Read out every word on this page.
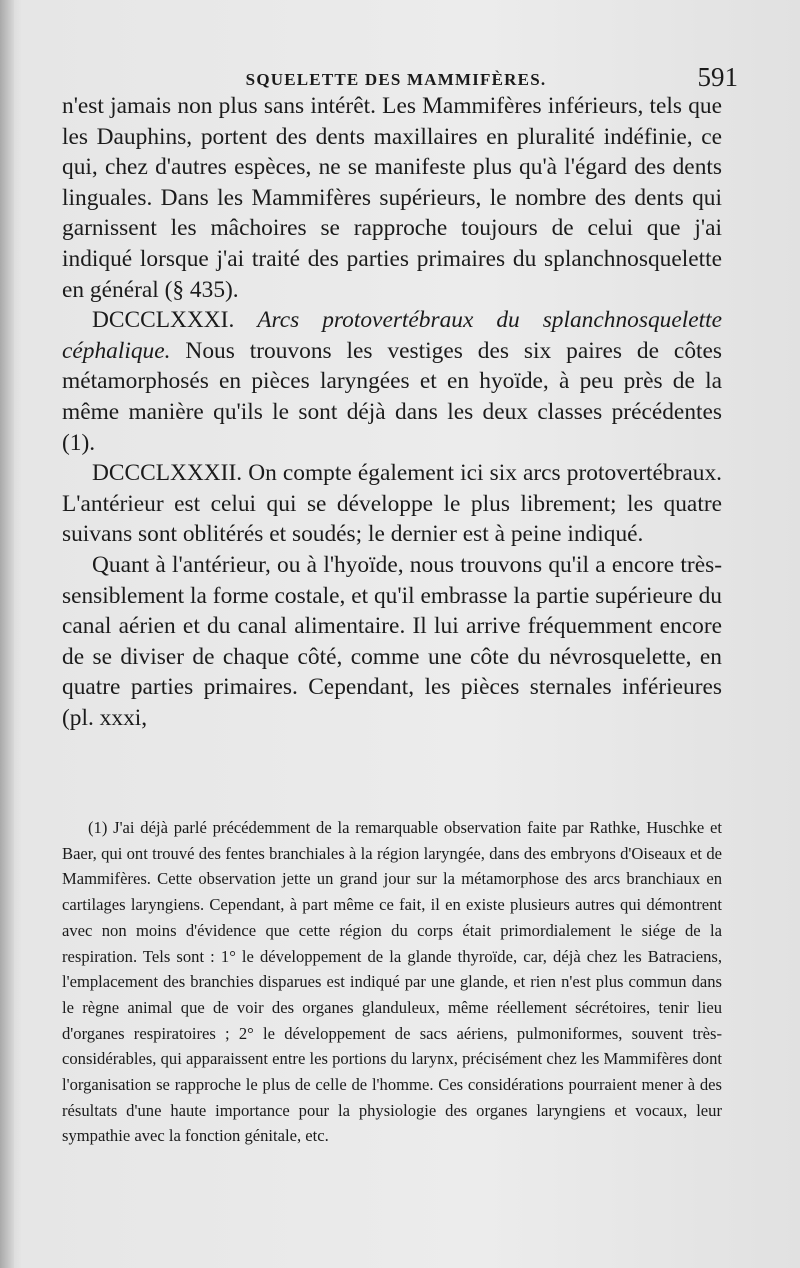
SQUELETTE DES MAMMIFÈRES.	591

n'est jamais non plus sans intérêt. Les Mammifères inférieurs, tels que les Dauphins, portent des dents maxillaires en pluralité indéfinie, ce qui, chez d'autres espèces, ne se manifeste plus qu'à l'égard des dents linguales. Dans les Mammifères supérieurs, le nombre des dents qui garnissent les mâchoires se rapproche toujours de celui que j'ai indiqué lorsque j'ai traité des parties primaires du splanchnosquelette en général (§ 435).

DCCCLXXXI. Arcs protovertébraux du splanchnosquelette céphalique. Nous trouvons les vestiges des six paires de côtes métamorphosés en pièces laryngées et en hyoïde, à peu près de la même manière qu'ils le sont déjà dans les deux classes précédentes (1).

DCCCLXXXII. On compte également ici six arcs protovertébraux. L'antérieur est celui qui se développe le plus librement; les quatre suivans sont oblitérés et soudés; le dernier est à peine indiqué.

Quant à l'antérieur, ou à l'hyoïde, nous trouvons qu'il a encore très-sensiblement la forme costale, et qu'il embrasse la partie supérieure du canal aérien et du canal alimentaire. Il lui arrive fréquemment encore de se diviser de chaque côté, comme une côte du névrosquelette, en quatre parties primaires. Cependant, les pièces sternales inférieures (pl. xxxi,

(1) J'ai déjà parlé précédemment de la remarquable observation faite par Rathke, Huschke et Baer, qui ont trouvé des fentes branchiales à la région laryngée, dans des embryons d'Oiseaux et de Mammifères. Cette observation jette un grand jour sur la métamorphose des arcs branchiaux en cartilages laryngiens. Cependant, à part même ce fait, il en existe plusieurs autres qui démontrent avec non moins d'évidence que cette région du corps était primordialement le siége de la respiration. Tels sont : 1° le développement de la glande thyroïde, car, déjà chez les Batraciens, l'emplacement des branchies disparues est indiqué par une glande, et rien n'est plus commun dans le règne animal que de voir des organes glanduleux, même réellement sécrétoires, tenir lieu d'organes respiratoires ; 2° le développement de sacs aériens, pulmoniformes, souvent très-considérables, qui apparaissent entre les portions du larynx, précisément chez les Mammifères dont l'organisation se rapproche le plus de celle de l'homme. Ces considérations pourraient mener à des résultats d'une haute importance pour la physiologie des organes laryngiens et vocaux, leur sympathie avec la fonction génitale, etc.
